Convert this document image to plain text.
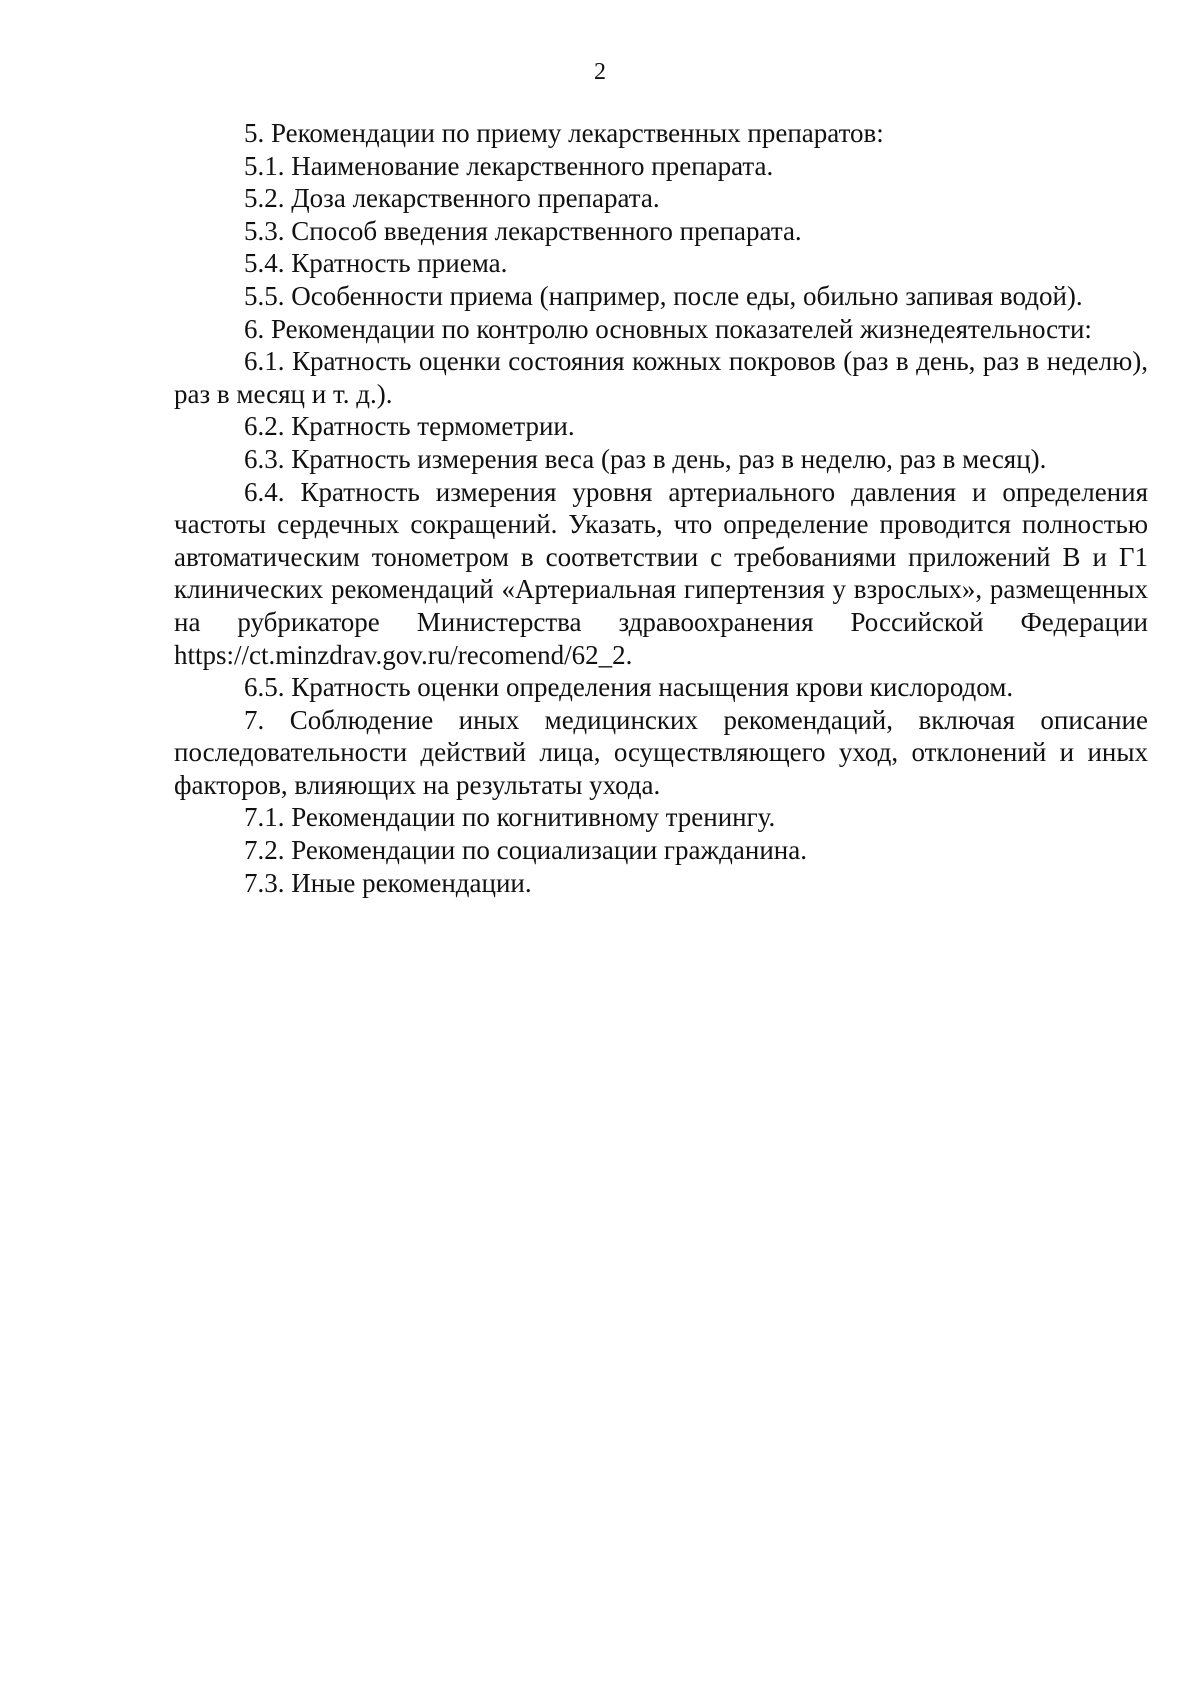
2

5. Рекомендации по приему лекарственных препаратов:

5.1. Наименование лекарственного препарата.

5.2. Доза лекарственного препарата.

5.3. Способ введения лекарственного препарата.

5.4. Кратность приема.

5.5. Особенности приема (например, после еды, обильно запивая водой).

6. Рекомендации по контролю основных показателей жизнедеятельности:

6.1. Кратность оценки состояния кожных покровов (раз в день, раз в неделю), раз в месяц и т. д.).

6.2. Кратность термометрии.

6.3. Кратность измерения веса (раз в день, раз в неделю, раз в месяц).

6.4. Кратность измерения уровня артериального давления и определения частоты сердечных сокращений. Указать, что определение проводится полностью автоматическим тонометром в соответствии с требованиями приложений В и Г1 клинических рекомендаций «Артериальная гипертензия у взрослых», размещенных на рубрикаторе Министерства здравоохранения Российской Федерации https://ct.minzdrav.gov.ru/recomend/62_2.

6.5. Кратность оценки определения насыщения крови кислородом.

7. Соблюдение иных медицинских рекомендаций, включая описание последовательности действий лица, осуществляющего уход, отклонений и иных факторов, влияющих на результаты ухода.

7.1. Рекомендации по когнитивному тренингу.

7.2. Рекомендации по социализации гражданина.

7.3. Иные рекомендации.
